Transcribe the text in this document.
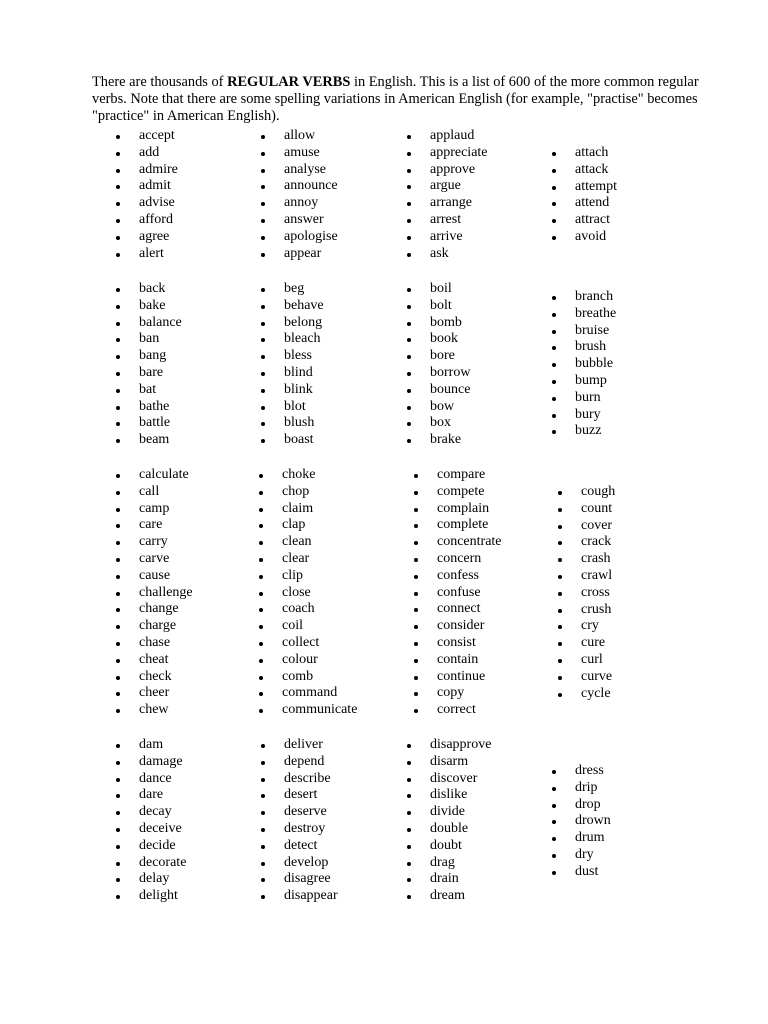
There are thousands of REGULAR VERBS in English. This is a list of 600 of the more common regular verbs. Note that there are some spelling variations in American English (for example, "practise" becomes "practice" in American English).

accept
add
admire
admit
advise
afford
agree
alert
allow
amuse
analyse
announce
annoy
answer
apologise
appear
applaud
appreciate
approve
argue
arrange
arrest
arrive
ask
attach
attack
attempt
attend
attract
avoid
back
bake
balance
ban
bang
bare
bat
bathe
battle
beam
beg
behave
belong
bleach
bless
blind
blink
blot
blush
boast
boil
bolt
bomb
book
bore
borrow
bounce
bow
box
brake
branch
breathe
bruise
brush
bubble
bump
burn
bury
buzz
calculate
call
camp
care
carry
carve
cause
challenge
change
charge
chase
cheat
check
cheer
chew
choke
chop
claim
clap
clean
clear
clip
close
coach
coil
collect
colour
comb
command
communicate
compare
compete
complain
complete
concentrate
concern
confess
confuse
connect
consider
consist
contain
continue
copy
correct
cough
count
cover
crack
crash
crawl
cross
crush
cry
cure
curl
curve
cycle
dam
damage
dance
dare
decay
deceive
decide
decorate
delay
delight
deliver
depend
describe
desert
deserve
destroy
detect
develop
disagree
disappear
disapprove
disarm
discover
dislike
divide
double
doubt
drag
drain
dream
dress
drip
drop
drown
drum
dry
dust
